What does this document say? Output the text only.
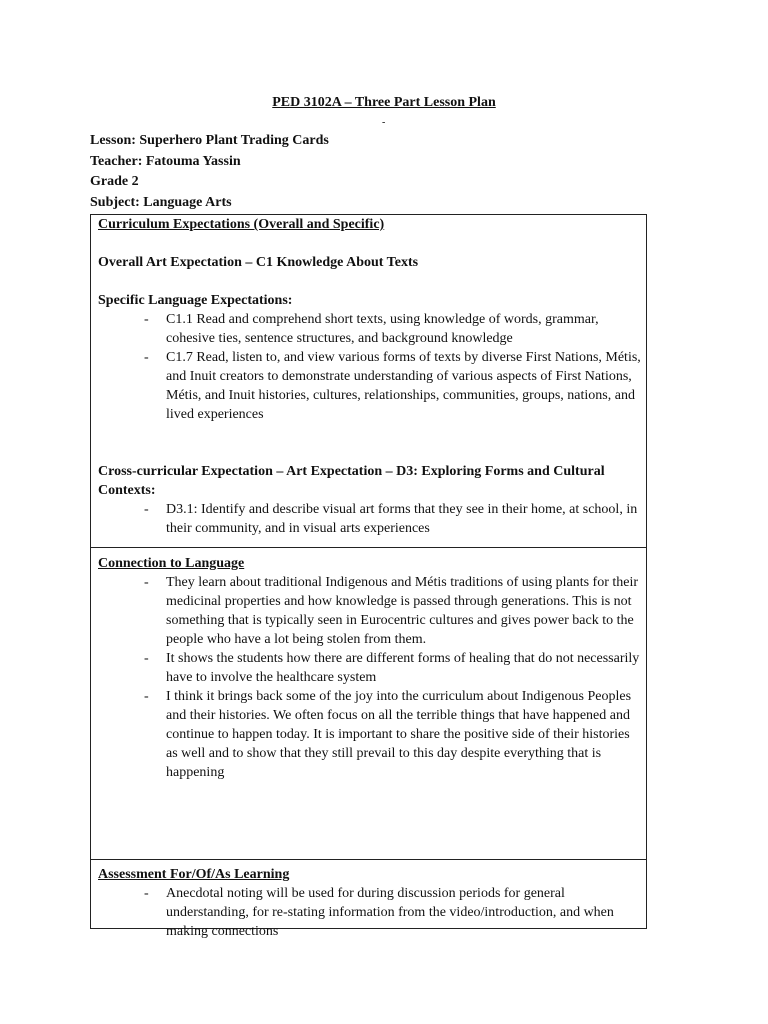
PED 3102A – Three Part Lesson Plan
-
Lesson: Superhero Plant Trading Cards
Teacher: Fatouma Yassin
Grade 2
Subject: Language Arts
Curriculum Expectations (Overall and Specific)
Overall Art Expectation – C1 Knowledge About Texts
Specific Language Expectations:
- C1.1 Read and comprehend short texts, using knowledge of words, grammar, cohesive ties, sentence structures, and background knowledge
- C1.7 Read, listen to, and view various forms of texts by diverse First Nations, Métis, and Inuit creators to demonstrate understanding of various aspects of First Nations, Métis, and Inuit histories, cultures, relationships, communities, groups, nations, and lived experiences
Cross-curricular Expectation – Art Expectation – D3: Exploring Forms and Cultural Contexts:
- D3.1: Identify and describe visual art forms that they see in their home, at school, in their community, and in visual arts experiences
Connection to Language
- They learn about traditional Indigenous and Métis traditions of using plants for their medicinal properties and how knowledge is passed through generations. This is not something that is typically seen in Eurocentric cultures and gives power back to the people who have a lot being stolen from them.
- It shows the students how there are different forms of healing that do not necessarily have to involve the healthcare system
- I think it brings back some of the joy into the curriculum about Indigenous Peoples and their histories. We often focus on all the terrible things that have happened and continue to happen today. It is important to share the positive side of their histories as well and to show that they still prevail to this day despite everything that is happening
Assessment For/Of/As Learning
- Anecdotal noting will be used for during discussion periods for general understanding, for re-stating information from the video/introduction, and when making connections
